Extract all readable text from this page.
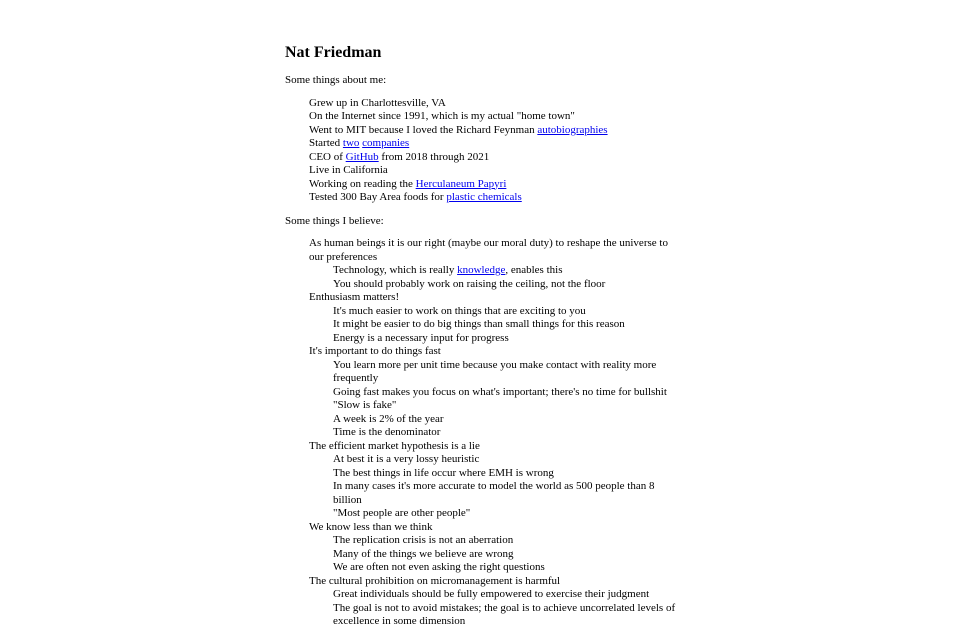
Nat Friedman

Some things about me:

Grew up in Charlottesville, VA
On the Internet since 1991, which is my actual "home town"
Went to MIT because I loved the Richard Feynman autobiographies
Started two companies
CEO of GitHub from 2018 through 2021
Live in California
Working on reading the Herculaneum Papyri
Tested 300 Bay Area foods for plastic chemicals

Some things I believe:

As human beings it is our right (maybe our moral duty) to reshape the universe to our preferences
Technology, which is really knowledge, enables this
You should probably work on raising the ceiling, not the floor
Enthusiasm matters!
It's much easier to work on things that are exciting to you
It might be easier to do big things than small things for this reason
Energy is a necessary input for progress
It's important to do things fast
You learn more per unit time because you make contact with reality more frequently
Going fast makes you focus on what's important; there's no time for bullshit
"Slow is fake"
A week is 2% of the year
Time is the denominator
The efficient market hypothesis is a lie
At best it is a very lossy heuristic
The best things in life occur where EMH is wrong
In many cases it's more accurate to model the world as 500 people than 8 billion
"Most people are other people"
We know less than we think
The replication crisis is not an aberration
Many of the things we believe are wrong
We are often not even asking the right questions
The cultural prohibition on micromanagement is harmful
Great individuals should be fully empowered to exercise their judgment
The goal is not to avoid mistakes; the goal is to achieve uncorrelated levels of excellence in some dimension
